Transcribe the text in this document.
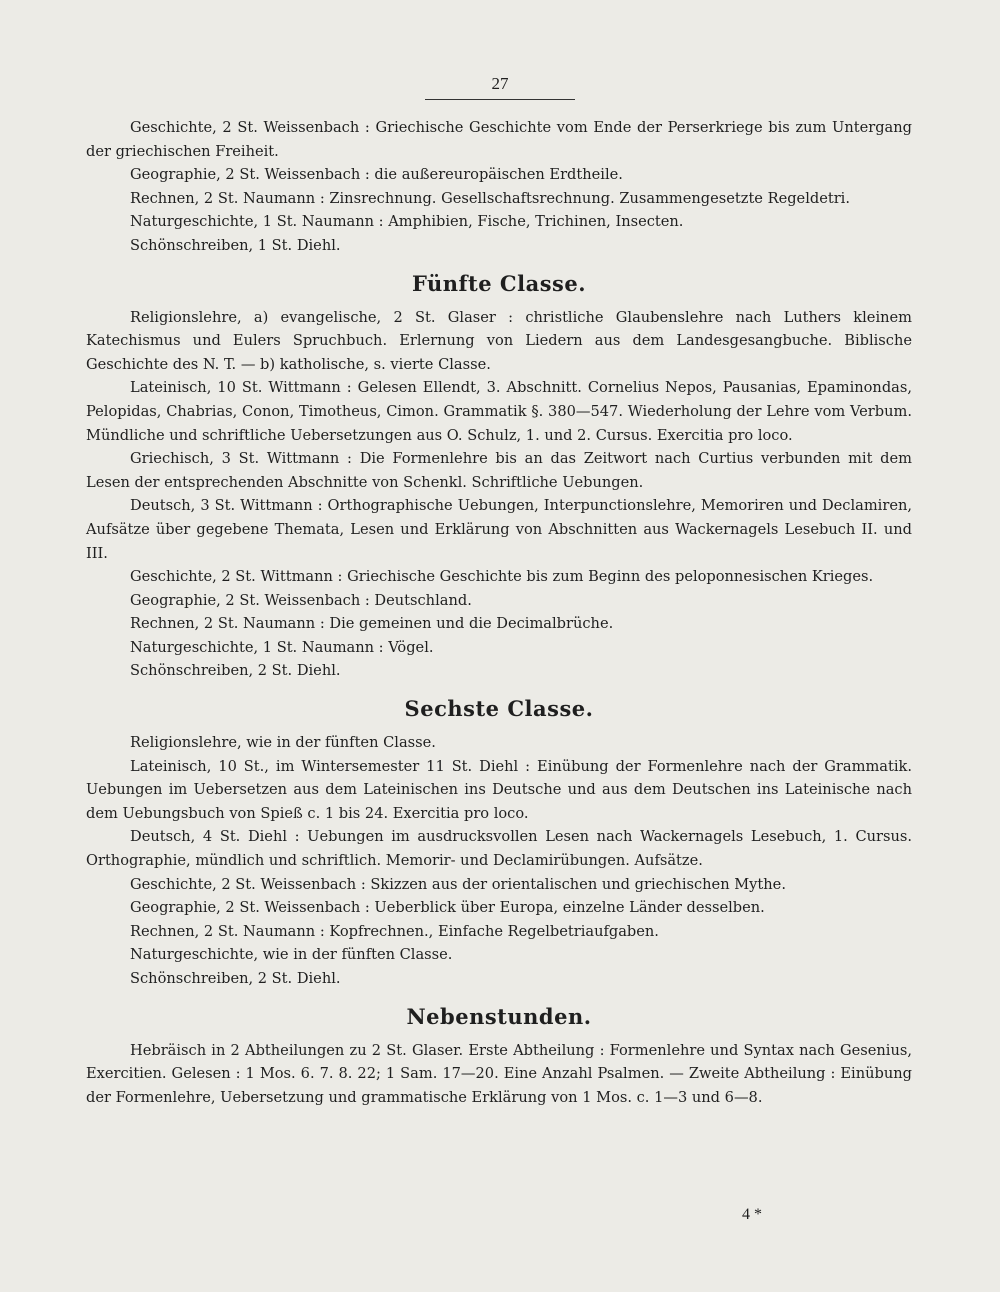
27

Geschichte, 2 St. Weissenbach : Griechische Geschichte vom Ende der Perserkriege bis zum Untergang der griechischen Freiheit.

Geographie, 2 St. Weissenbach : die außereuropäischen Erdtheile.

Rechnen, 2 St. Naumann : Zinsrechnung. Gesellschaftsrechnung. Zusammengesetzte Regeldetri.

Naturgeschichte, 1 St. Naumann : Amphibien, Fische, Trichinen, Insecten.

Schönschreiben, 1 St. Diehl.

Fünfte Classe.

Religionslehre, a) evangelische, 2 St. Glaser : christliche Glaubenslehre nach Luthers kleinem Katechismus und Eulers Spruchbuch. Erlernung von Liedern aus dem Landesgesangbuche. Biblische Geschichte des N. T. — b) katholische, s. vierte Classe.

Lateinisch, 10 St. Wittmann : Gelesen Ellendt, 3. Abschnitt. Cornelius Nepos, Pausanias, Epaminondas, Pelopidas, Chabrias, Conon, Timotheus, Cimon. Grammatik §. 380—547. Wiederholung der Lehre vom Verbum. Mündliche und schriftliche Uebersetzungen aus O. Schulz, 1. und 2. Cursus. Exercitia pro loco.

Griechisch, 3 St. Wittmann : Die Formenlehre bis an das Zeitwort nach Curtius verbunden mit dem Lesen der entsprechenden Abschnitte von Schenkl. Schriftliche Uebungen.

Deutsch, 3 St. Wittmann : Orthographische Uebungen, Interpunctionslehre, Memoriren und Declamiren, Aufsätze über gegebene Themata, Lesen und Erklärung von Abschnitten aus Wackernagels Lesebuch II. und III.

Geschichte, 2 St. Wittmann : Griechische Geschichte bis zum Beginn des peloponnesischen Krieges.

Geographie, 2 St. Weissenbach : Deutschland.

Rechnen, 2 St. Naumann : Die gemeinen und die Decimalbrüche.

Naturgeschichte, 1 St. Naumann : Vögel.

Schönschreiben, 2 St. Diehl.

Sechste Classe.

Religionslehre, wie in der fünften Classe.

Lateinisch, 10 St., im Wintersemester 11 St. Diehl : Einübung der Formenlehre nach der Grammatik. Uebungen im Uebersetzen aus dem Lateinischen ins Deutsche und aus dem Deutschen ins Lateinische nach dem Uebungsbuch von Spieß c. 1 bis 24. Exercitia pro loco.

Deutsch, 4 St. Diehl : Uebungen im ausdrucksvollen Lesen nach Wackernagels Lesebuch, 1. Cursus. Orthographie, mündlich und schriftlich. Memorir- und Declamirübungen. Aufsätze.

Geschichte, 2 St. Weissenbach : Skizzen aus der orientalischen und griechischen Mythe.

Geographie, 2 St. Weissenbach : Ueberblick über Europa, einzelne Länder desselben.

Rechnen, 2 St. Naumann : Kopfrechnen., Einfache Regelbetriaufgaben.

Naturgeschichte, wie in der fünften Classe.

Schönschreiben, 2 St. Diehl.

Nebenstunden.

Hebräisch in 2 Abtheilungen zu 2 St. Glaser. Erste Abtheilung : Formenlehre und Syntax nach Gesenius, Exercitien. Gelesen : 1 Mos. 6. 7. 8. 22; 1 Sam. 17—20. Eine Anzahl Psalmen. — Zweite Abtheilung : Einübung der Formenlehre, Uebersetzung und grammatische Erklärung von 1 Mos. c. 1—3 und 6—8.

4 *
